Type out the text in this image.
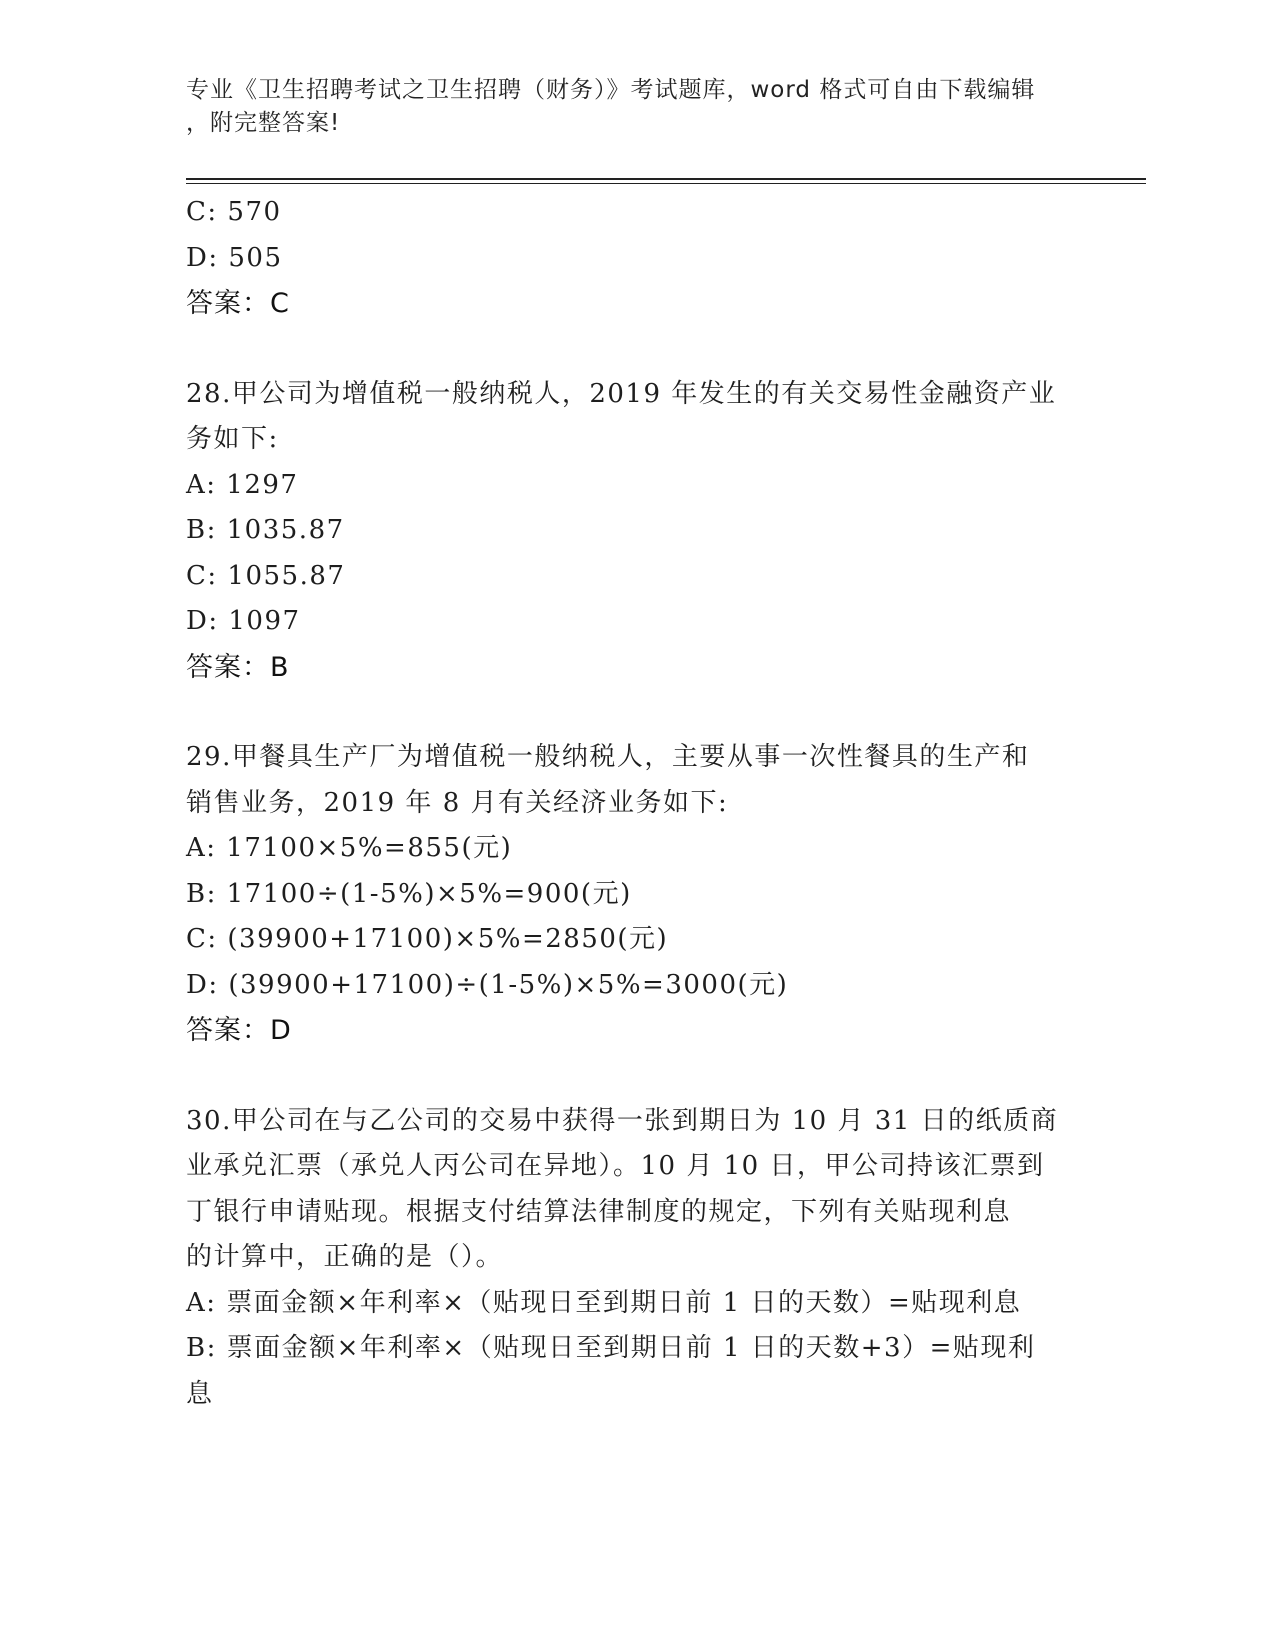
专业《卫生招聘考试之卫生招聘（财务）》考试题库，word 格式可自由下载编辑
，附完整答案!
C: 570
D: 505
答案：C
28.甲公司为增值税一般纳税人，2019 年发生的有关交易性金融资产业
务如下:
A: 1297
B: 1035.87
C: 1055.87
D: 1097
答案：B
29.甲餐具生产厂为增值税一般纳税人，主要从事一次性餐具的生产和
销售业务，2019 年 8 月有关经济业务如下:
A: 17100×5%=855(元)
B: 17100÷(1-5%)×5%=900(元)
C: (39900+17100)×5%=2850(元)
D: (39900+17100)÷(1-5%)×5%=3000(元)
答案：D
30.甲公司在与乙公司的交易中获得一张到期日为 10 月 31 日的纸质商
业承兑汇票（承兑人丙公司在异地）。10 月 10 日，甲公司持该汇票到
丁银行申请贴现。根据支付结算法律制度的规定，下列有关贴现利息
的计算中，正确的是（）。
A: 票面金额×年利率×（贴现日至到期日前 1 日的天数）=贴现利息
B: 票面金额×年利率×（贴现日至到期日前 1 日的天数+3）=贴现利
息
